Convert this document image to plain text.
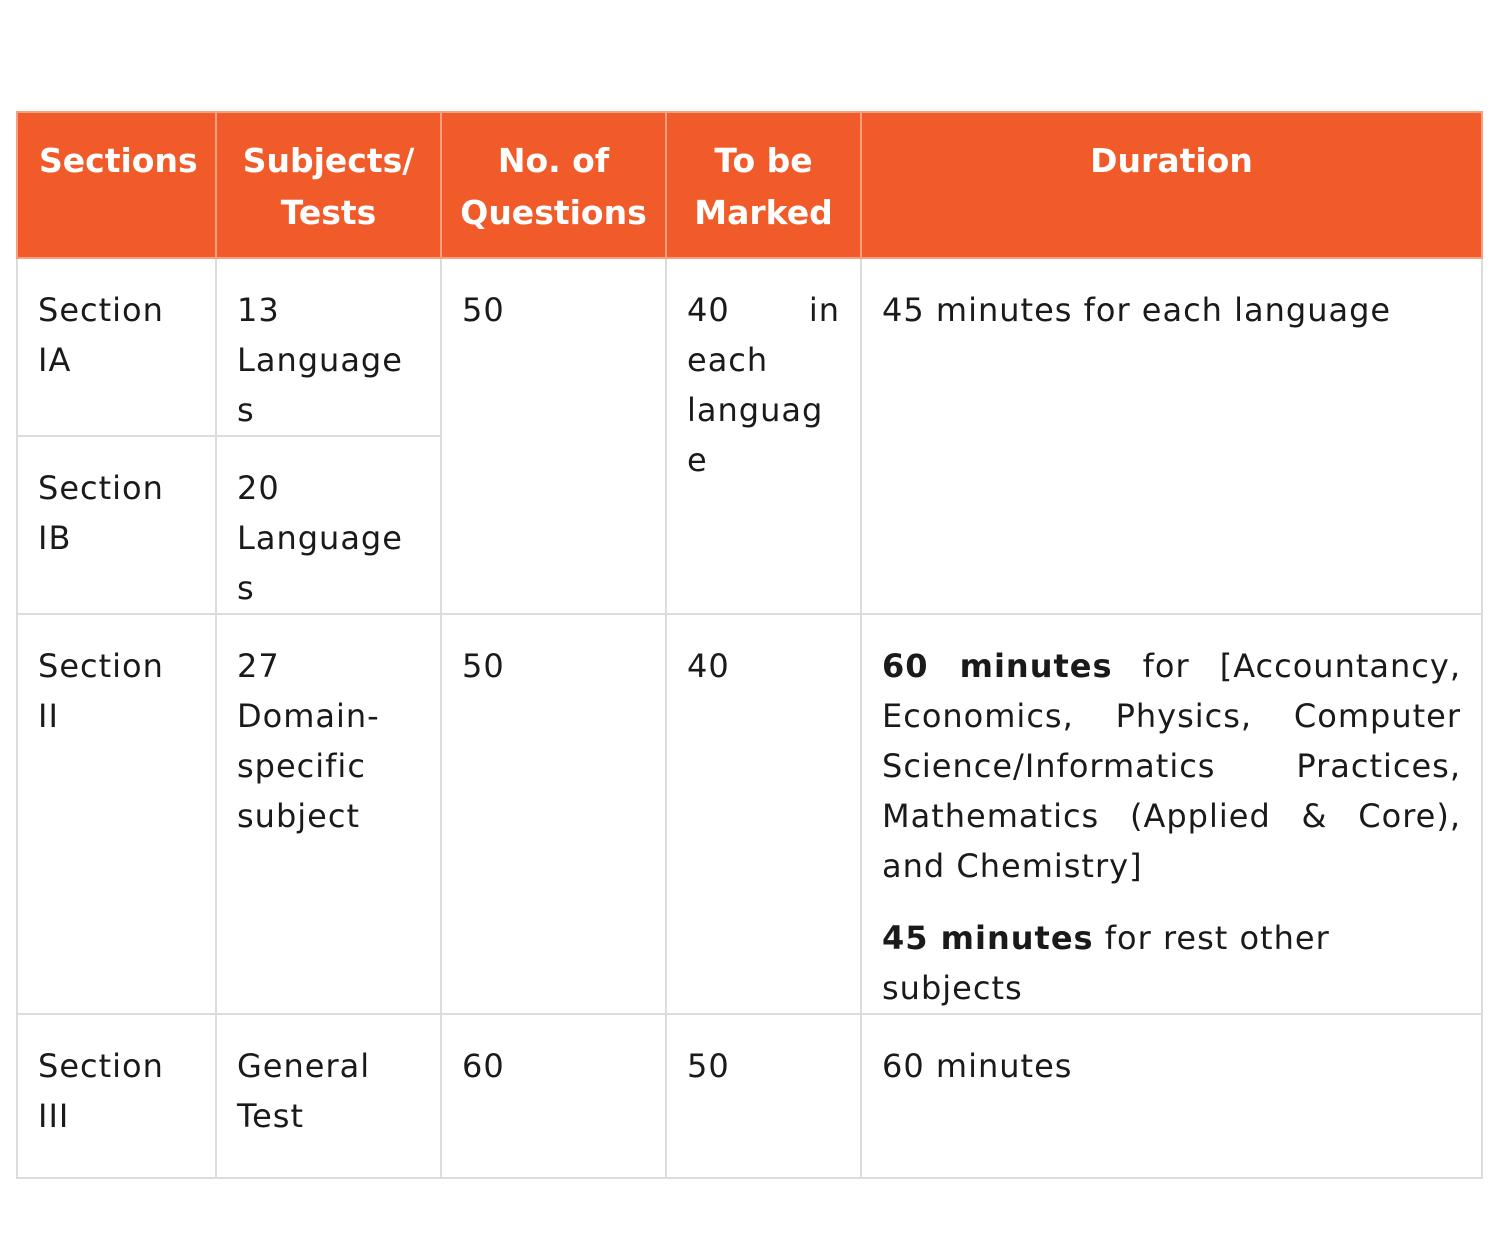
Sections	Subjects/ Tests	No. of Questions	To be Marked	Duration
Section IA	13 Languages	50	40 in each language	45 minutes for each language
Section IB	20 Languages			
Section II	27 Domain-specific subject	50	40	60 minutes for [Accountancy, Economics, Physics, Computer Science/Informatics Practices, Mathematics (Applied & Core), and Chemistry]

45 minutes for rest other subjects

Section III	General Test	60	50	60 minutes
